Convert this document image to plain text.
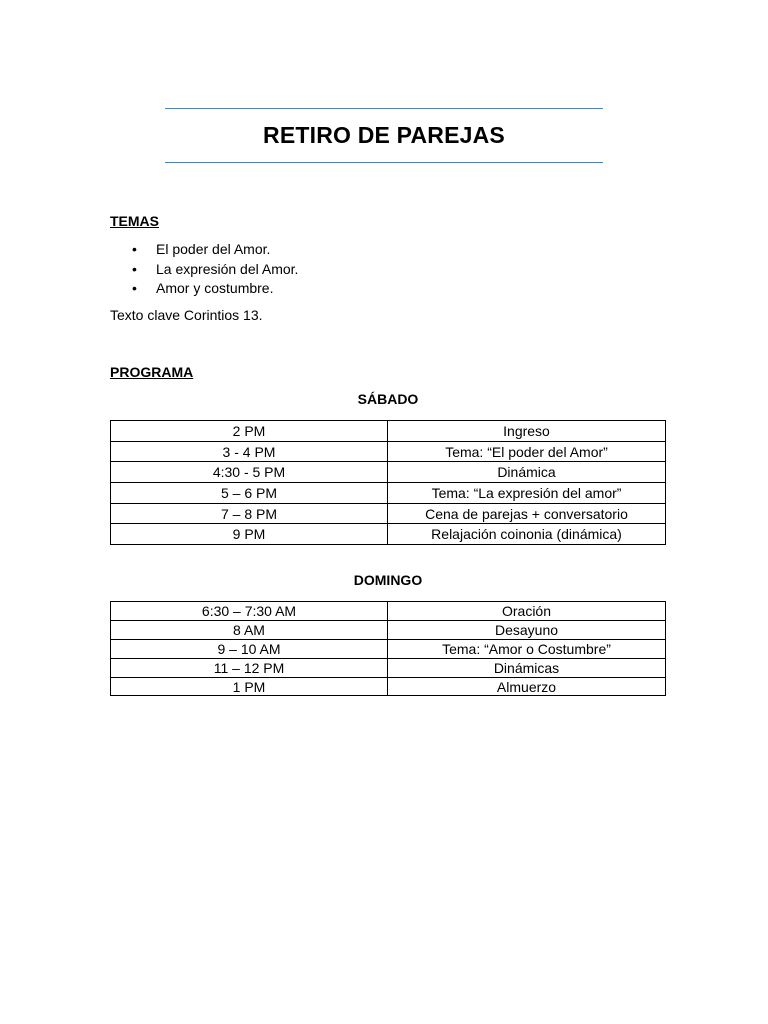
RETIRO DE PAREJAS
TEMAS
• El poder del Amor.
• La expresión del Amor.
• Amor y costumbre.
Texto clave Corintios 13.
PROGRAMA
SÁBADO
2 PM	Ingreso
3 - 4 PM	Tema: “El poder del Amor”
4:30 - 5 PM	Dinámica
5 – 6 PM	Tema: “La expresión del amor”
7 – 8 PM	Cena de parejas + conversatorio
9 PM	Relajación coinonia (dinámica)
DOMINGO
6:30 – 7:30 AM	Oración
8 AM	Desayuno
9 – 10 AM	Tema: “Amor o Costumbre”
11 – 12 PM	Dinámicas
1 PM	Almuerzo
